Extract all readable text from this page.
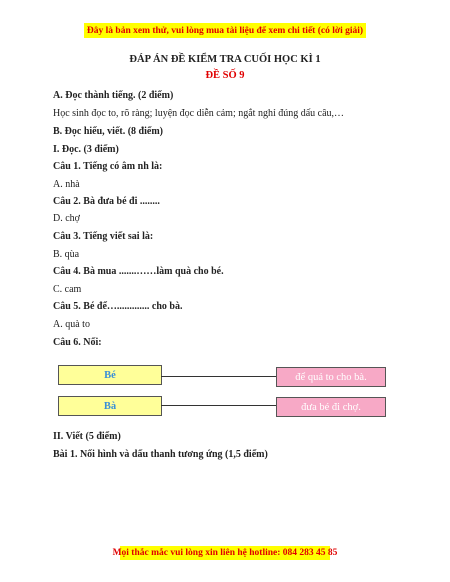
Đây là bản xem thử, vui lòng mua tài liệu để xem chi tiết (có lời giải)
ĐÁP ÁN ĐỀ KIỂM TRA CUỐI HỌC KÌ 1
ĐỀ SỐ 9
A. Đọc thành tiếng. (2 điểm)
Học sinh đọc to, rõ ràng; luyện đọc diễn cảm; ngắt nghỉ đúng dấu câu,…
B. Đọc hiểu, viết. (8 điểm)
I. Đọc. (3 điểm)
Câu 1. Tiếng có âm nh là:
A. nhà
Câu 2. Bà đưa bé đi ........
D. chợ
Câu 3. Tiếng viết sai là:
B. qùa
Câu 4. Bà mua .......……làm quà cho bé.
C. cam
Câu 5. Bé để…............. cho bà.
A. quà to
Câu 6. Nối:
Bé
Bà
để quả to cho bà.
đưa bé đi chợ.
II. Viết (5 điểm)
Bài 1. Nối hình và dấu thanh tương ứng (1,5 điểm)
Mọi thắc mắc vui lòng xin liên hệ hotline: 084 283 45 85
